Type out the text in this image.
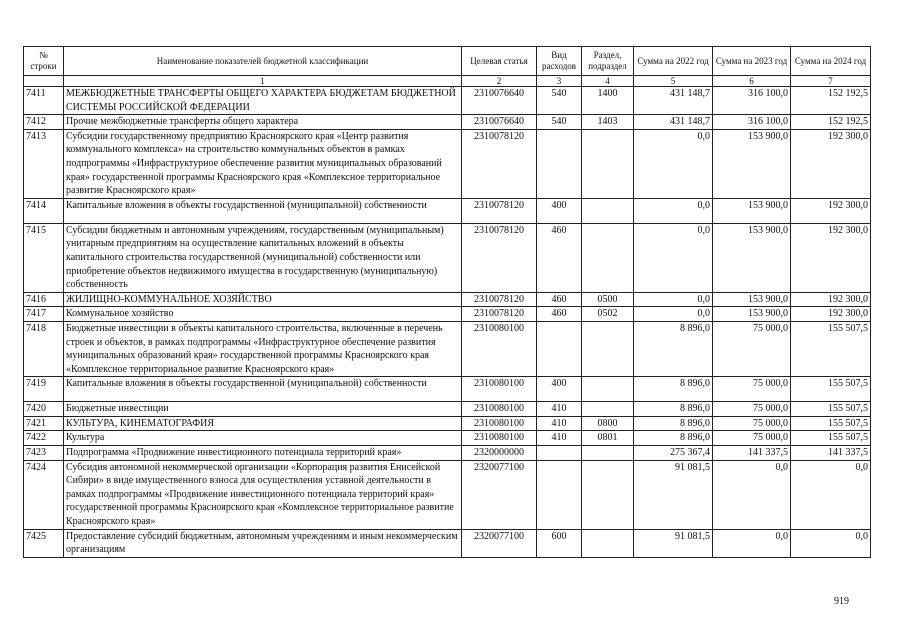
№ строки	Наименование показателей бюджетной классификации	Целевая статья	Вид расходов	Раздел, подраздел	Сумма на 2022 год	Сумма на 2023 год	Сумма на 2024 год
	1	2	3	4	5	6	7
7411	МЕЖБЮДЖЕТНЫЕ ТРАНСФЕРТЫ ОБЩЕГО ХАРАКТЕРА БЮДЖЕТАМ БЮДЖЕТНОЙ СИСТЕМЫ РОССИЙСКОЙ ФЕДЕРАЦИИ	2310076640	540	1400	431 148,7	316 100,0	152 192,5
7412	Прочие межбюджетные трансферты общего характера	2310076640	540	1403	431 148,7	316 100,0	152 192,5
7413	Субсидии государственному предприятию Красноярского края «Центр развития коммунального комплекса» на строительство коммунальных объектов в рамках подпрограммы «Инфраструктурное обеспечение развития муниципальных образований края» государственной программы Красноярского края «Комплексное территориальное развитие Красноярского края»	2310078120			0,0	153 900,0	192 300,0
7414	Капитальные вложения в объекты государственной (муниципальной) собственности	2310078120	400		0,0	153 900,0	192 300,0
7415	Субсидии бюджетным и автономным учреждениям, государственным (муниципальным) унитарным предприятиям на осуществление капитальных вложений в объекты капитального строительства государственной (муниципальной) собственности или приобретение объектов недвижимого имущества в государственную (муниципальную) собственность	2310078120	460		0,0	153 900,0	192 300,0
7416	ЖИЛИЩНО-КОММУНАЛЬНОЕ ХОЗЯЙСТВО	2310078120	460	0500	0,0	153 900,0	192 300,0
7417	Коммунальное хозяйство	2310078120	460	0502	0,0	153 900,0	192 300,0
7418	Бюджетные инвестиции в объекты капитального строительства, включенные в перечень строек и объектов, в рамках подпрограммы «Инфраструктурное обеспечение развития муниципальных образований края» государственной программы Красноярского края «Комплексное территориальное развитие Красноярского края»	2310080100			8 896,0	75 000,0	155 507,5
7419	Капитальные вложения в объекты государственной (муниципальной) собственности	2310080100	400		8 896,0	75 000,0	155 507,5
7420	Бюджетные инвестиции	2310080100	410		8 896,0	75 000,0	155 507,5
7421	КУЛЬТУРА, КИНЕМАТОГРАФИЯ	2310080100	410	0800	8 896,0	75 000,0	155 507,5
7422	Культура	2310080100	410	0801	8 896,0	75 000,0	155 507,5
7423	Подпрограмма «Продвижение инвестиционного потенциала территорий края»	2320000000			275 367,4	141 337,5	141 337,5
7424	Субсидия автономной некоммерческой организации «Корпорация развития Енисейской Сибири» в виде имущественного взноса для осуществления уставной деятельности в рамках подпрограммы «Продвижение инвестиционного потенциала территорий края» государственной программы Красноярского края «Комплексное территориальное развитие Красноярского края»	2320077100			91 081,5	0,0	0,0
7425	Предоставление субсидий бюджетным, автономным учреждениям и иным некоммерческим организациям	2320077100	600		91 081,5	0,0	0,0
919
